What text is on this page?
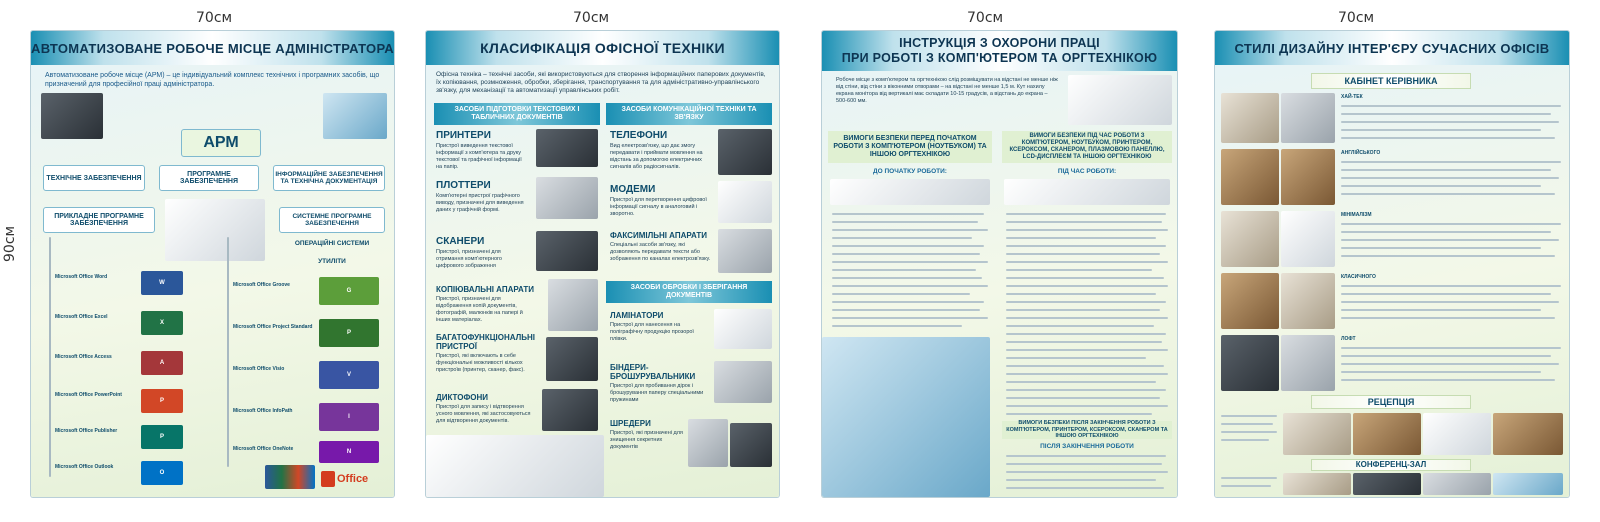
70см	70см	70см	70см
90см
АВТОМАТИЗОВАНЕ РОБОЧЕ МІСЦЕ АДМІНІСТРАТОРА
Автоматизоване робоче місце (АРМ) – це індивідуальний комплекс технічних і програмних засобів, що призначений для професійної праці адміністратора.
АРМ
ТЕХНІЧНЕ ЗАБЕЗПЕЧЕННЯ	ПРОГРАМНЕ ЗАБЕЗПЕЧЕННЯ
ІНФОРМАЦІЙНЕ ЗАБЕЗПЕЧЕННЯ ТА ТЕХНІЧНА ДОКУМЕНТАЦІЯ
ПРИКЛАДНЕ ПРОГРАМНЕ ЗАБЕЗПЕЧЕННЯ
СИСТЕМНЕ ПРОГРАМНЕ ЗАБЕЗПЕЧЕННЯ
ОПЕРАЦІЙНІ СИСТЕМИ
УТИЛІТИ
Microsoft Office Word
W
Microsoft Office Excel
X
Microsoft Office Access
A
Microsoft Office PowerPoint
P
Microsoft Office Publisher
P
Microsoft Office Outlook
O
Microsoft Office Groove
G
Microsoft Office Project Standard
P
Microsoft Office Visio
V
Microsoft Office InfoPath
I
Microsoft Office OneNote	N
Office
КЛАСИФІКАЦІЯ ОФІСНОЇ ТЕХНІКИ
Офісна техніка – технічні засоби, які використовуються для створення інформаційних паперових документів, їх копіювання, розмноження, обробки, зберігання, транспортування та для адміністративно-управлінського зв'язку, для механізації та автоматизації управлінських робіт.
ЗАСОБИ ПІДГОТОВКИ ТЕКСТОВИХ І ТАБЛИЧНИХ ДОКУМЕНТІВ
ЗАСОБИ КОМУНІКАЦІЙНОЇ ТЕХНІКИ ТА ЗВ'ЯЗКУ
ПРИНТЕРИ
Пристрої виведення текстової інформації з комп'ютера та друку текстової та графічної інформації на папір.
ПЛОТТЕРИ
Комп'ютерні пристрої графічного виводу, призначені для виведення даних у графічній формі.
СКАНЕРИ
Пристрої, призначені для отримання комп'ютерного цифрового зображення
КОПІЮВАЛЬНІ АПАРАТИ
Пристрої, призначені для відображення копій документів, фотографій, малюнків на папері й інших матеріалах.
БАГАТОФУНКЦІОНАЛЬНІ ПРИСТРОЇ
Пристрої, які включають в себе функціональні можливості кількох пристроїв (принтер, сканер, факс).
ДИКТОФОНИ
Пристрої для запису і відтворення усного мовлення, які застосовуються для відтворення документів.
ТЕЛЕФОНИ
Вид електрозв'язку, що дає змогу передавати і приймати мовлення на відстань за допомогою електричних сигналів або радіосигналів.
МОДЕМИ
Пристрої для перетворення цифрової інформації сигналу в аналоговий і зворотно.
ФАКСИМІЛЬНІ АПАРАТИ
Спеціальні засоби зв'язку, які дозволяють передавати тексти або зображення по каналах електрозв'язку.
ЗАСОБИ ОБРОБКИ І ЗБЕРІГАННЯ ДОКУМЕНТІВ
ЛАМІНАТОРИ
Пристрої для нанесення на поліграфічну продукцію прозорої плівки.
БІНДЕРИ-БРОШУРУВАЛЬНИКИ
Пристрої для пробивання дірок і брошурування паперу спеціальними пружинами
ШРЕДЕРИ
Пристрої, які призначені для знищення секретних документів
ІНСТРУКЦІЯ З ОХОРОНИ ПРАЦІ
ПРИ РОБОТІ З КОМП'ЮТЕРОМ ТА ОРГТЕХНІКОЮ
Робоче місце з комп'ютером та оргтехнікою слід розміщувати на відстані не менше ніж від стіни, від стіни з віконними отворами – на відстані не менше 1,5 м. Кут нахилу екрана монітора від вертикалі має складати 10-15 градусів, а відстань до екрана – 500-600 мм.
ВИМОГИ БЕЗПЕКИ ПЕРЕД ПОЧАТКОМ РОБОТИ З КОМП'ЮТЕРОМ (НОУТБУКОМ) ТА ІНШОЮ ОРГТЕХНІКОЮ
ВИМОГИ БЕЗПЕКИ ПІД ЧАС РОБОТИ З КОМП'ЮТЕРОМ, НОУТБУКОМ, ПРИНТЕРОМ, КСЕРОКСОМ, СКАНЕРОМ, ПЛАЗМОВОЮ ПАНЕЛЛЮ, LCD-ДИСПЛЕЄМ ТА ІНШОЮ ОРГТЕХНІКОЮ
ДО ПОЧАТКУ РОБОТИ:	ПІД ЧАС РОБОТИ:
ВИМОГИ БЕЗПЕКИ ПІСЛЯ ЗАКІНЧЕННЯ РОБОТИ З КОМП'ЮТЕРОМ, ПРИНТЕРОМ, КСЕРОКСОМ, СКАНЕРОМ ТА ІНШОЮ ОРГТЕХНІКОЮ
ПІСЛЯ ЗАКІНЧЕННЯ РОБОТИ
СТИЛІ ДИЗАЙНУ ІНТЕР'ЄРУ СУЧАСНИХ ОФІСІВ
КАБІНЕТ КЕРІВНИКА
ХАЙ-ТЕК
АНГЛІЙСЬКОГО
МІНІМАЛІЗМ
КЛАСИЧНОГО
ЛОФТ
РЕЦЕПЦІЯ
КОНФЕРЕНЦ-ЗАЛ
